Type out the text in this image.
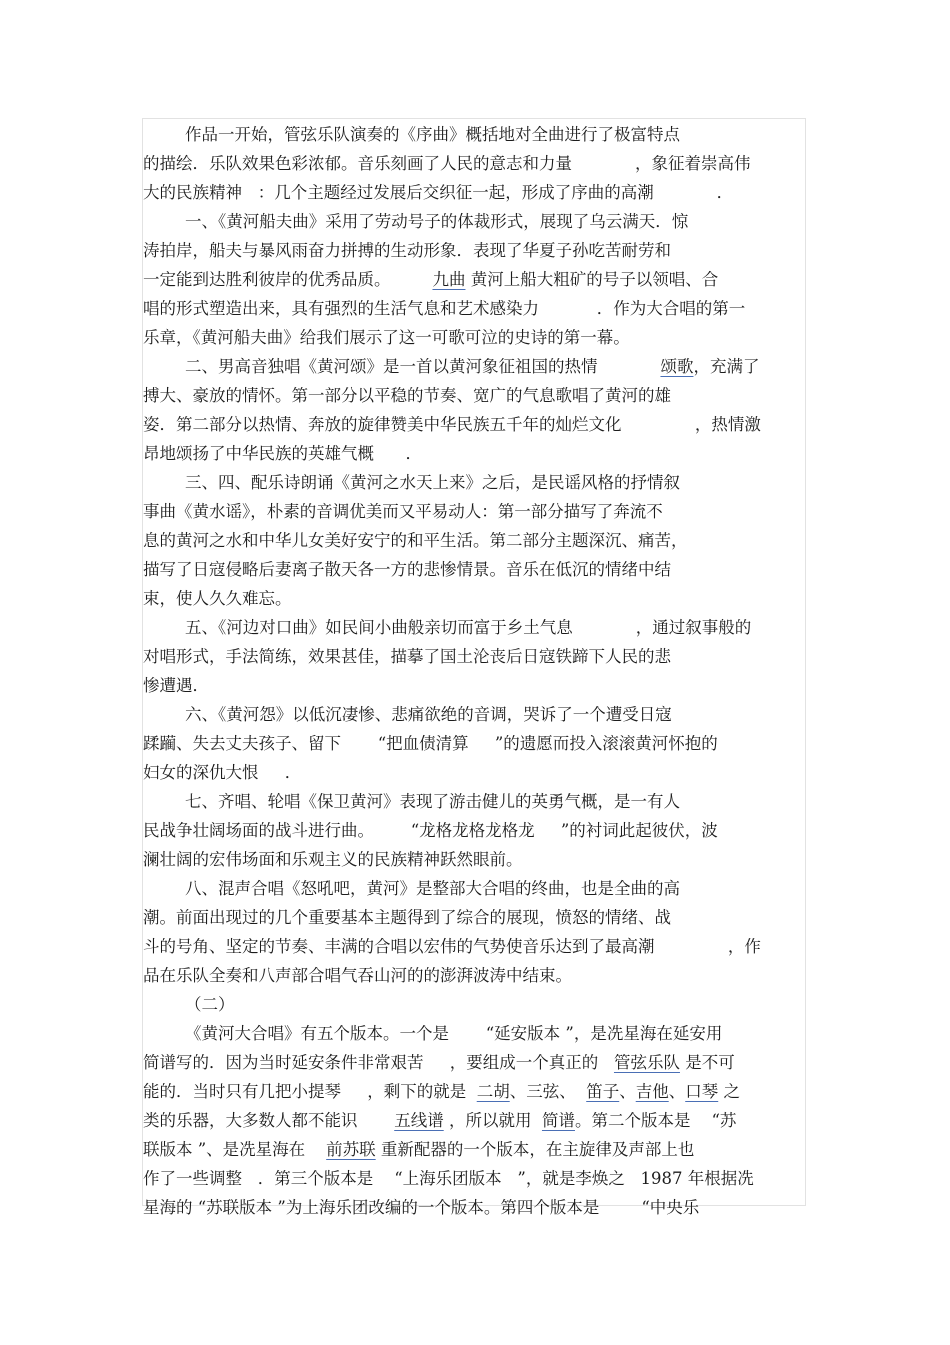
作品一开始，管弦乐队演奏的《序曲》概括地对全曲进行了极富特点
的描绘．乐队效果色彩浓郁。音乐刻画了人民的意志和力量            ，象征着崇高伟
大的民族精神   ：几个主题经过发展后交织征一起，形成了序曲的高潮            ．
一、《黄河船夫曲》采用了劳动号子的体裁形式，展现了乌云满天．惊
涛拍岸，船夫与暴风雨奋力拼搏的生动形象．表现了华夏子孙吃苦耐劳和
一定能到达胜利彼岸的优秀品质。        九曲 黄河上船大粗矿的号子以领唱、合
唱的形式塑造出来，具有强烈的生活气息和艺术感染力           ．作为大合唱的第一
乐章，《黄河船夫曲》给我们展示了这一可歌可泣的史诗的第一幕。
二、男高音独唱《黄河颂》是一首以黄河象征祖国的热情            颂歌，充满了
搏大、豪放的情怀。第一部分以平稳的节奏、宽广的气息歌唱了黄河的雄
姿．第二部分以热情、奔放的旋律赞美中华民族五千年的灿烂文化              ，热情激
昂地颂扬了中华民族的英雄气概      ．
三、四、配乐诗朗诵《黄河之水天上来》之后，是民谣风格的抒情叙
事曲《黄水谣》，朴素的音调优美而又平易动人：第一部分描写了奔流不
息的黄河之水和中华儿女美好安宁的和平生活。第二部分主题深沉、痛苦，
描写了日寇侵略后妻离子散天各一方的悲惨情景。音乐在低沉的情绪中结
束，使人久久难忘。
五、《河边对口曲》如民间小曲般亲切而富于乡土气息            ，通过叙事般的
对唱形式，手法简练，效果甚佳，描摹了国土沦丧后日寇铁蹄下人民的悲
惨遭遇．
六、《黄河怨》以低沉凄惨、悲痛欲绝的音调，哭诉了一个遭受日寇
蹂躏、失去丈夫孩子、留下       “把血债清算     ”的遗愿而投入滚滚黄河怀抱的
妇女的深仇大恨     ．
七、齐唱、轮唱《保卫黄河》表现了游击健儿的英勇气概，是一有人
民战争壮阔场面的战斗进行曲。       “龙格龙格龙格龙     ”的衬词此起彼伏，波
澜壮阔的宏伟场面和乐观主义的民族精神跃然眼前。
八、混声合唱《怒吼吧，黄河》是整部大合唱的终曲，也是全曲的高
潮。前面出现过的几个重要基本主题得到了综合的展现，愤怒的情绪、战
斗的号角、坚定的节奏、丰满的合唱以宏伟的气势使音乐达到了最高潮              ，作
品在乐队全奏和八声部合唱气吞山河的的澎湃波涛中结束。
（二）
《黄河大合唱》有五个版本。一个是       “延安版本 ”，是冼星海在延安用
简谱写的．因为当时延安条件非常艰苦     ，要组成一个真正的   管弦乐队 是不可
能的．当时只有几把小提琴     ，剩下的就是  二胡、三弦、  笛子、吉他、口琴 之
类的乐器，大多数人都不能识       五线谱 ，所以就用  简谱。第二个版本是    “苏
联版本 ”、是冼星海在    前苏联 重新配器的一个版本，在主旋律及声部上也
作了一些调整   ．第三个版本是    “上海乐团版本   ”，就是李焕之   1987 年根据冼
星海的 “苏联版本 ”为上海乐团改编的一个版本。第四个版本是        “中央乐
